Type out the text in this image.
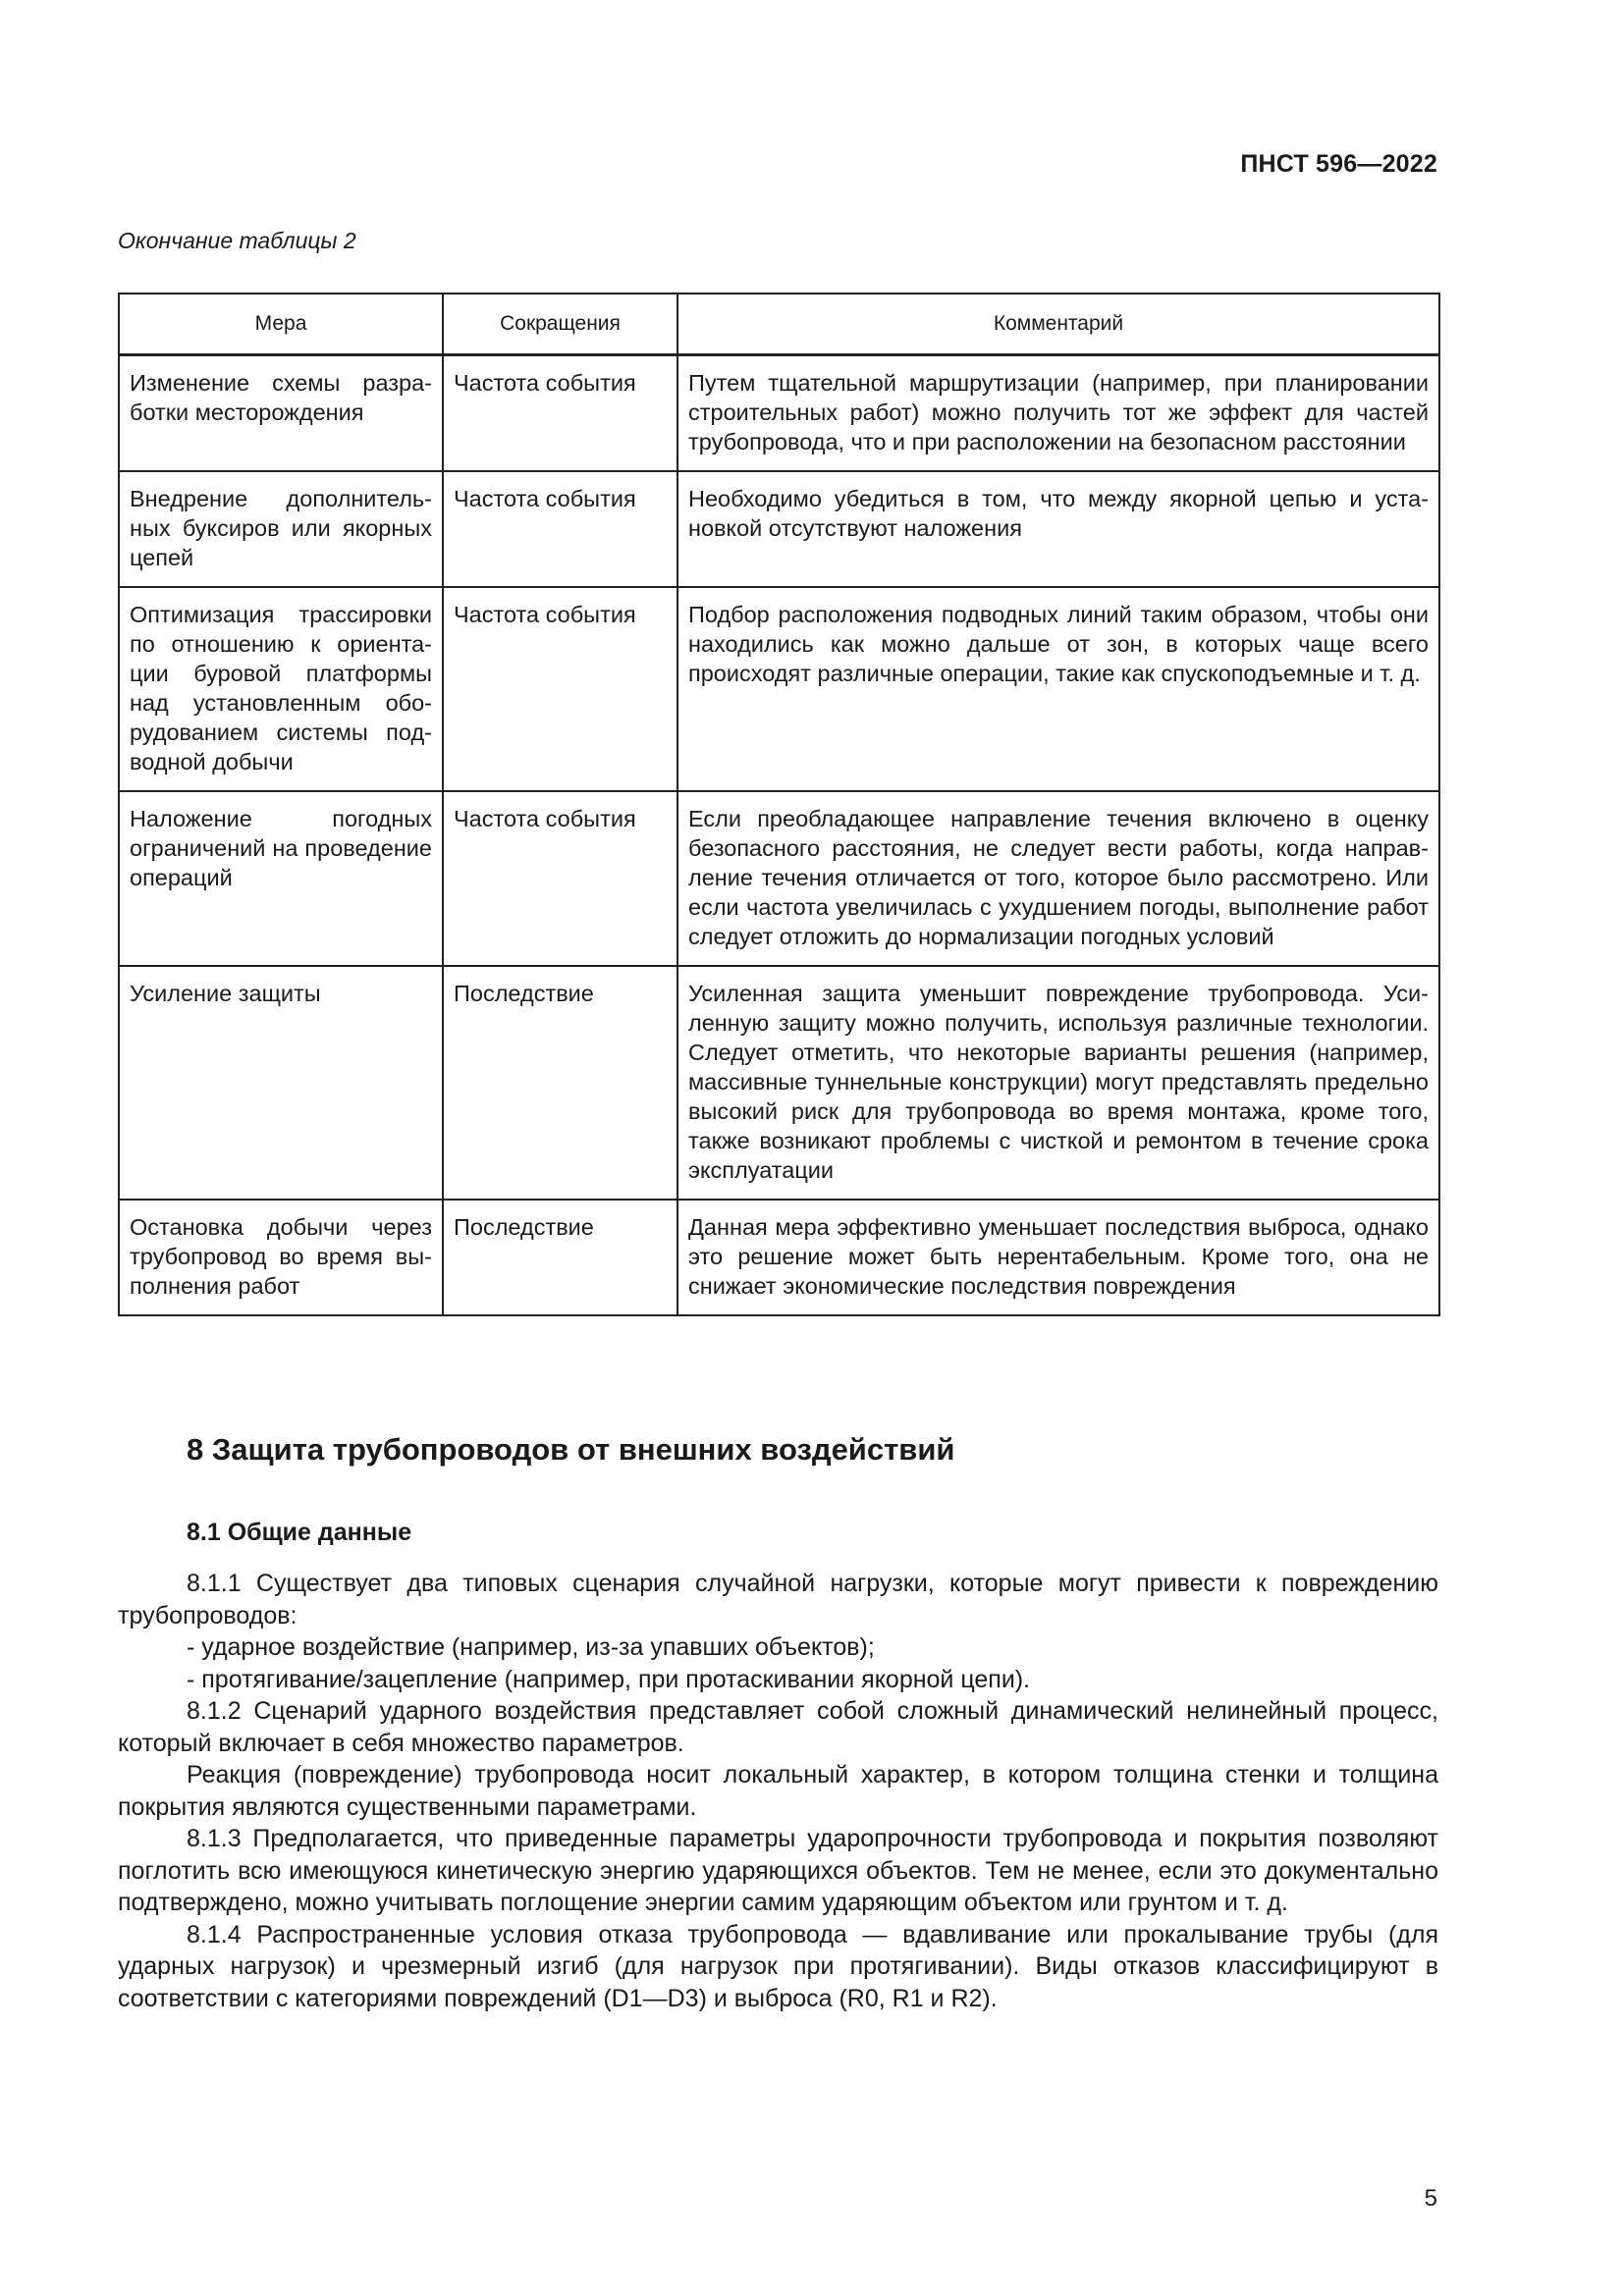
ПНСТ 596—2022
Окончание таблицы 2
Мера	Сокращения	Комментарий
Изменение схемы разработки месторождения	Частота события	Путем тщательной маршрутизации (например, при планировании строительных работ) можно получить тот же эффект для частей трубопровода, что и при расположении на безопасном расстоянии
Внедрение дополнительных буксиров или якорных цепей	Частота события	Необходимо убедиться в том, что между якорной цепью и установкой отсутствуют наложения
Оптимизация трассировки по отношению к ориентации буровой платформы над установленным оборудованием системы подводной добычи	Частота события	Подбор расположения подводных линий таким образом, чтобы они находились как можно дальше от зон, в которых чаще всего происходят различные операции, такие как спускоподъемные и т. д.
Наложение погодных ограничений на проведение операций	Частота события	Если преобладающее направление течения включено в оценку безопасного расстояния, не следует вести работы, когда направление течения отличается от того, которое было рассмотрено. Или если частота увеличилась с ухудшением погоды, выполнение работ следует отложить до нормализации погодных условий
Усиление защиты	Последствие	Усиленная защита уменьшит повреждение трубопровода. Усиленную защиту можно получить, используя различные технологии. Следует отметить, что некоторые варианты решения (например, массивные туннельные конструкции) могут представлять предельно высокий риск для трубопровода во время монтажа, кроме того, также возникают проблемы с чисткой и ремонтом в течение срока эксплуатации
Остановка добычи через трубопровод во время выполнения работ	Последствие	Данная мера эффективно уменьшает последствия выброса, однако это решение может быть нерентабельным. Кроме того, она не снижает экономические последствия повреждения
8 Защита трубопроводов от внешних воздействий
8.1 Общие данные

8.1.1 Существует два типовых сценария случайной нагрузки, которые могут привести к повреждению трубопроводов:

- ударное воздействие (например, из-за упавших объектов);

- протягивание/зацепление (например, при протаскивании якорной цепи).

8.1.2 Сценарий ударного воздействия представляет собой сложный динамический нелинейный процесс, который включает в себя множество параметров.

Реакция (повреждение) трубопровода носит локальный характер, в котором толщина стенки и толщина покрытия являются существенными параметрами.

8.1.3 Предполагается, что приведенные параметры ударопрочности трубопровода и покрытия позволяют поглотить всю имеющуюся кинетическую энергию ударяющихся объектов. Тем не менее, если это документально подтверждено, можно учитывать поглощение энергии самим ударяющим объектом или грунтом и т. д.

8.1.4 Распространенные условия отказа трубопровода — вдавливание или прокалывание трубы (для ударных нагрузок) и чрезмерный изгиб (для нагрузок при протягивании). Виды отказов классифицируют в соответствии с категориями повреждений (D1—D3) и выброса (R0, R1 и R2).

5
